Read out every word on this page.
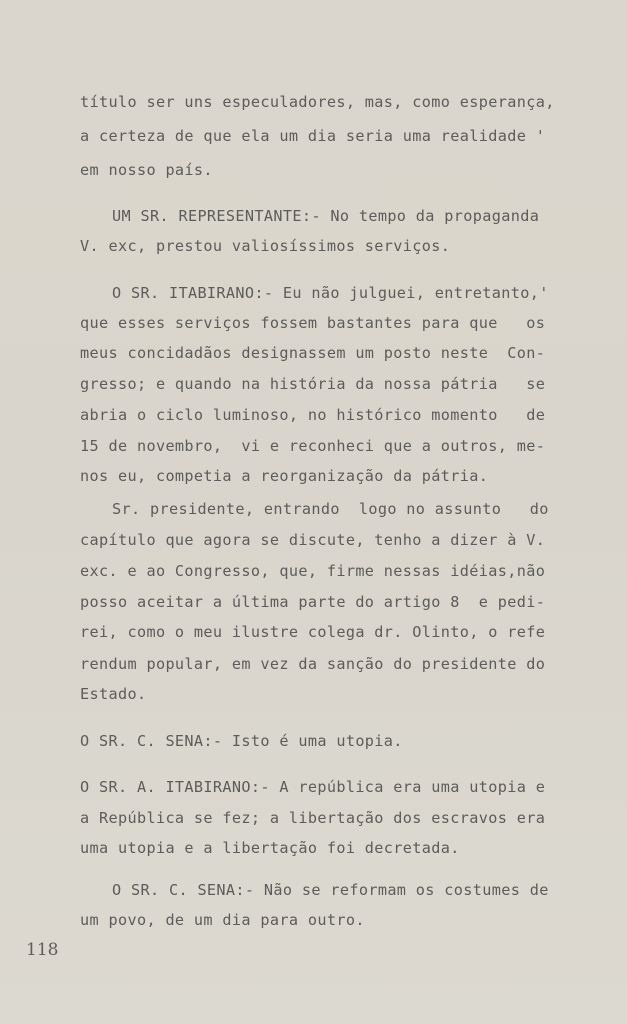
título ser uns especuladores, mas, como esperança,
a certeza de que ela um dia seria uma realidade '
em nosso país.
UM SR. REPRESENTANTE:- No tempo da propaganda
V. exc, prestou valiosíssimos serviços.
O SR. ITABIRANO:- Eu não julguei, entretanto,'
que esses serviços fossem bastantes para que   os
meus concidadãos designassem um posto neste  Con-
gresso; e quando na história da nossa pátria   se
abria o ciclo luminoso, no histórico momento   de
15 de novembro,  vi e reconheci que a outros, me-
nos eu, competia a reorganização da pátria.
Sr. presidente, entrando  logo no assunto   do
capítulo que agora se discute, tenho a dizer à V.
exc. e ao Congresso, que, firme nessas idéias,não
posso aceitar a última parte do artigo 8  e pedi-
rei, como o meu ilustre colega dr. Olinto, o refe
rendum popular, em vez da sanção do presidente do
Estado.
O SR. C. SENA:- Isto é uma utopia.
O SR. A. ITABIRANO:- A república era uma utopia e
a República se fez; a libertação dos escravos era
uma utopia e a libertação foi decretada.
O SR. C. SENA:- Não se reformam os costumes de
um povo, de um dia para outro.
118
